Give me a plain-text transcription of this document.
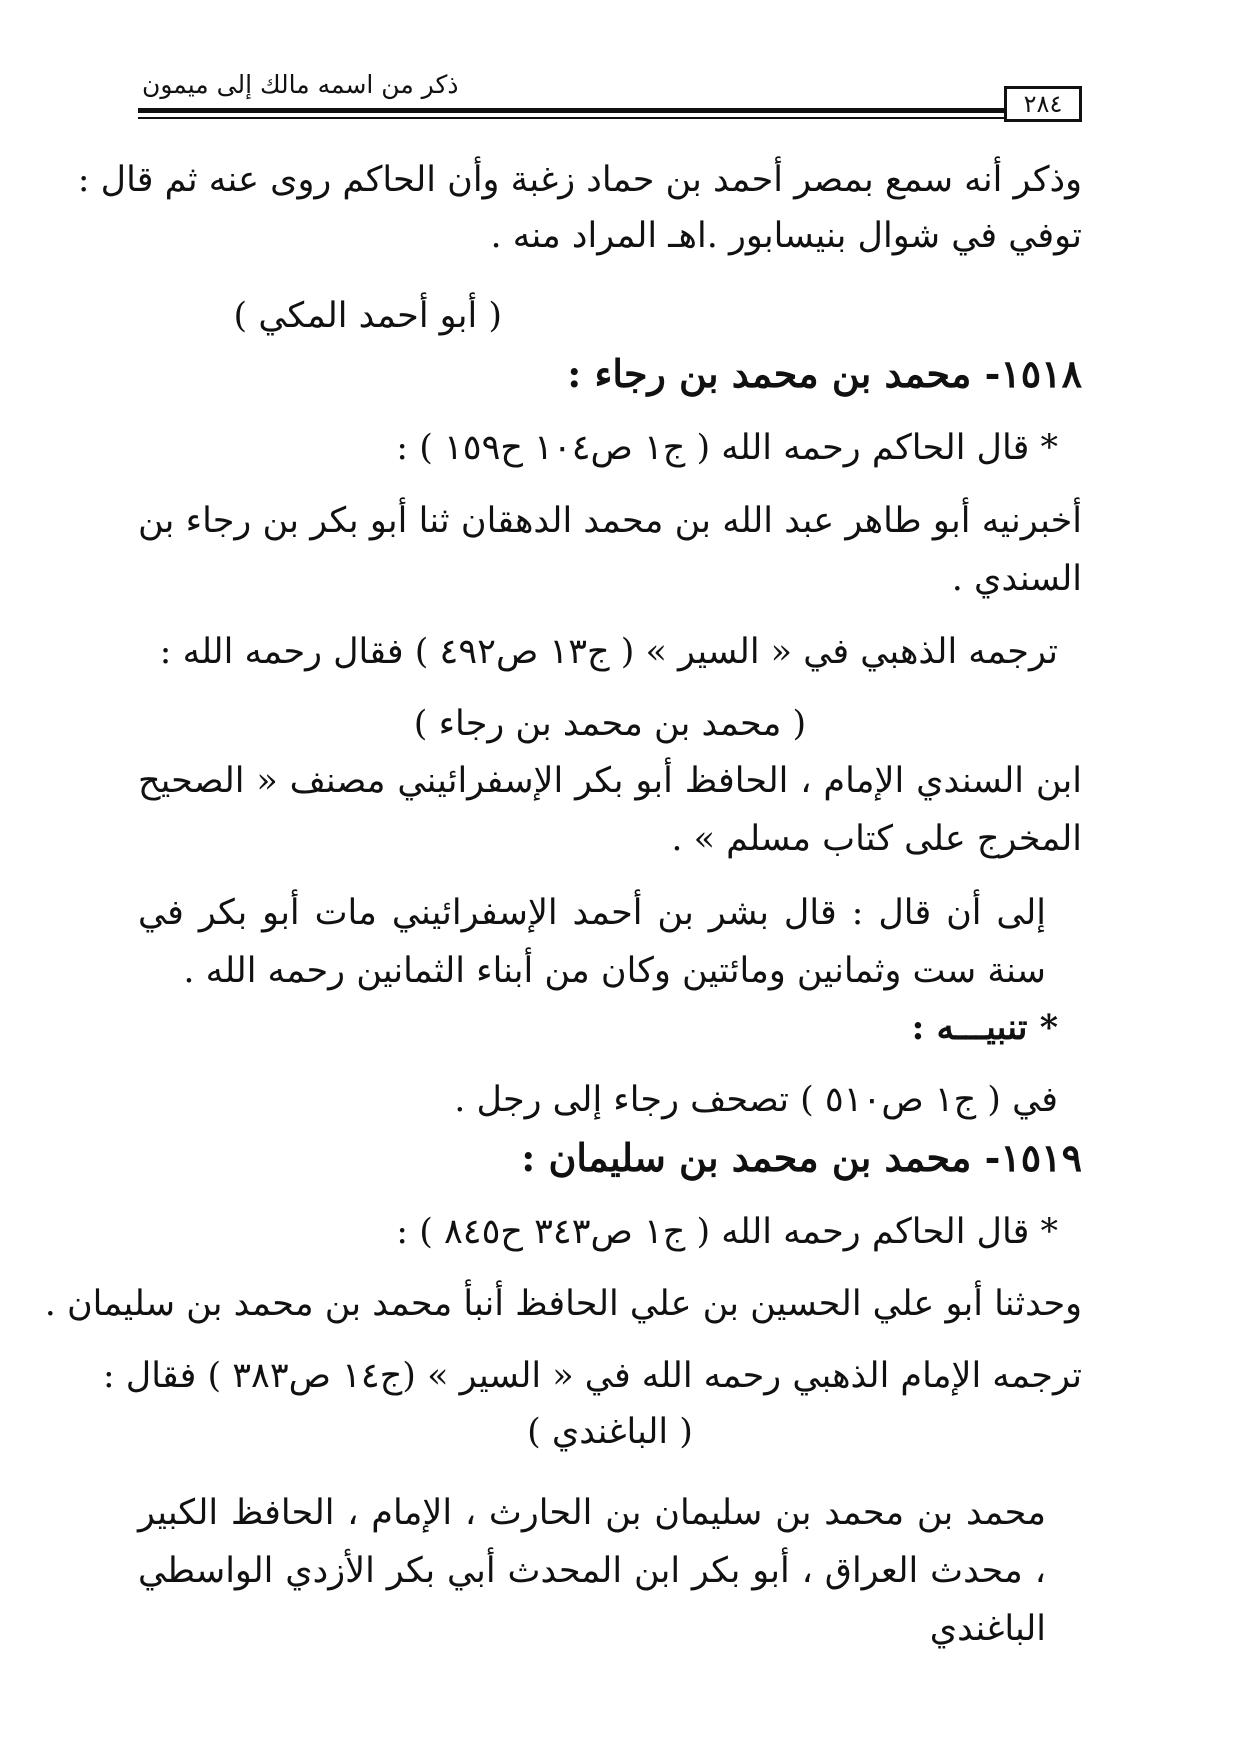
ذكر من اسمه مالك إلى ميمون
٢٨٤

وذكر أنه سمع بمصر أحمد بن حماد زغبة وأن الحاكم روى عنه ثم قال :

توفي في شوال بنيسابور .اهـ المراد منه .

( أبو أحمد المكي )

١٥١٨- محمد بن محمد بن رجاء :

* قال الحاكم رحمه الله ( ج١ ص١٠٤ ح١٥٩ ) :

أخبرنيه أبو طاهر عبد الله بن محمد الدهقان ثنا أبو بكر بن رجاء بن السندي .

ترجمه الذهبي في « السير » ( ج١٣ ص٤٩٢ ) فقال رحمه الله :

( محمد بن محمد بن رجاء )

ابن السندي الإمام ، الحافظ أبو بكر الإسفرائيني مصنف « الصحيح المخرج على كتاب مسلم » .

إلى أن قال : قال بشر بن أحمد الإسفرائيني مات أبو بكر في سنة ست وثمانين ومائتين وكان من أبناء الثمانين رحمه الله .

* تنبيـــه :

في ( ج١ ص٥١٠ ) تصحف رجاء إلى رجل .

١٥١٩- محمد بن محمد بن سليمان :

* قال الحاكم رحمه الله ( ج١ ص٣٤٣ ح٨٤٥ ) :

وحدثنا أبو علي الحسين بن علي الحافظ أنبأ محمد بن محمد بن سليمان .

ترجمه الإمام الذهبي رحمه الله في « السير » (ج١٤ ص٣٨٣ ) فقال :

( الباغندي )

محمد بن محمد بن سليمان بن الحارث ، الإمام ، الحافظ الكبير ، محدث العراق ، أبو بكر ابن المحدث أبي بكر الأزدي الواسطي الباغندي
